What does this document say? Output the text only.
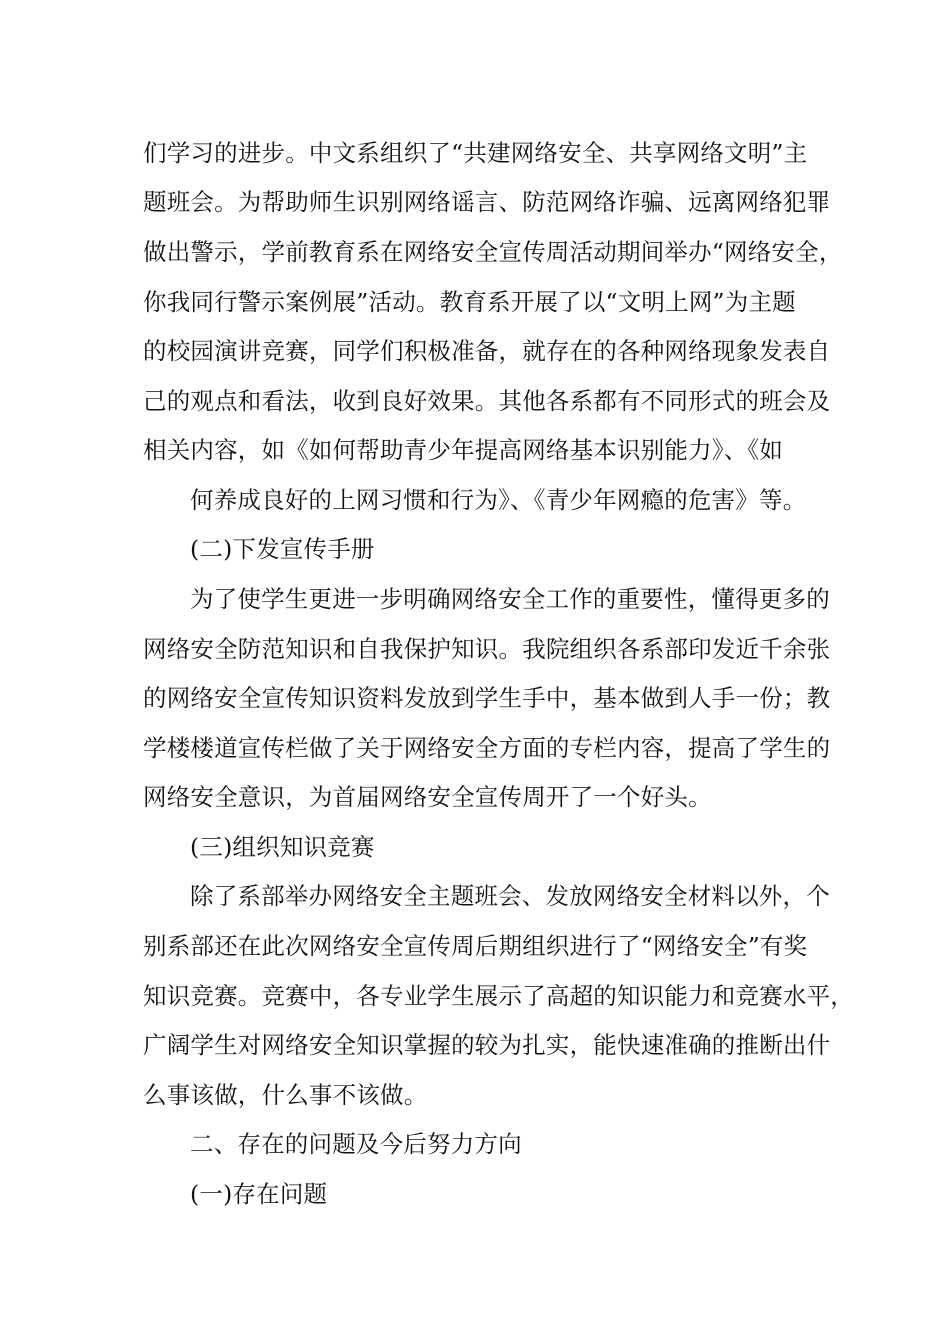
们学习的进步。中文系组织了“共建网络安全、共享网络文明”主

题班会。为帮助师生识别网络谣言、防范网络诈骗、远离网络犯罪

做出警示，学前教育系在网络安全宣传周活动期间举办“网络安全，

你我同行警示案例展”活动。教育系开展了以“文明上网”为主题

的校园演讲竞赛，同学们积极准备，就存在的各种网络现象发表自

己的观点和看法，收到良好效果。其他各系都有不同形式的班会及

相关内容，如《如何帮助青少年提高网络基本识别能力》、《如

何养成良好的上网习惯和行为》、《青少年网瘾的危害》等。

(二)下发宣传手册

为了使学生更进一步明确网络安全工作的重要性，懂得更多的

网络安全防范知识和自我保护知识。我院组织各系部印发近千余张

的网络安全宣传知识资料发放到学生手中，基本做到人手一份；教

学楼楼道宣传栏做了关于网络安全方面的专栏内容，提高了学生的

网络安全意识，为首届网络安全宣传周开了一个好头。

(三)组织知识竞赛

除了系部举办网络安全主题班会、发放网络安全材料以外，个

别系部还在此次网络安全宣传周后期组织进行了“网络安全”有奖

知识竞赛。竞赛中，各专业学生展示了高超的知识能力和竞赛水平，

广阔学生对网络安全知识掌握的较为扎实，能快速准确的推断出什

么事该做，什么事不该做。

二、存在的问题及今后努力方向

(一)存在问题
